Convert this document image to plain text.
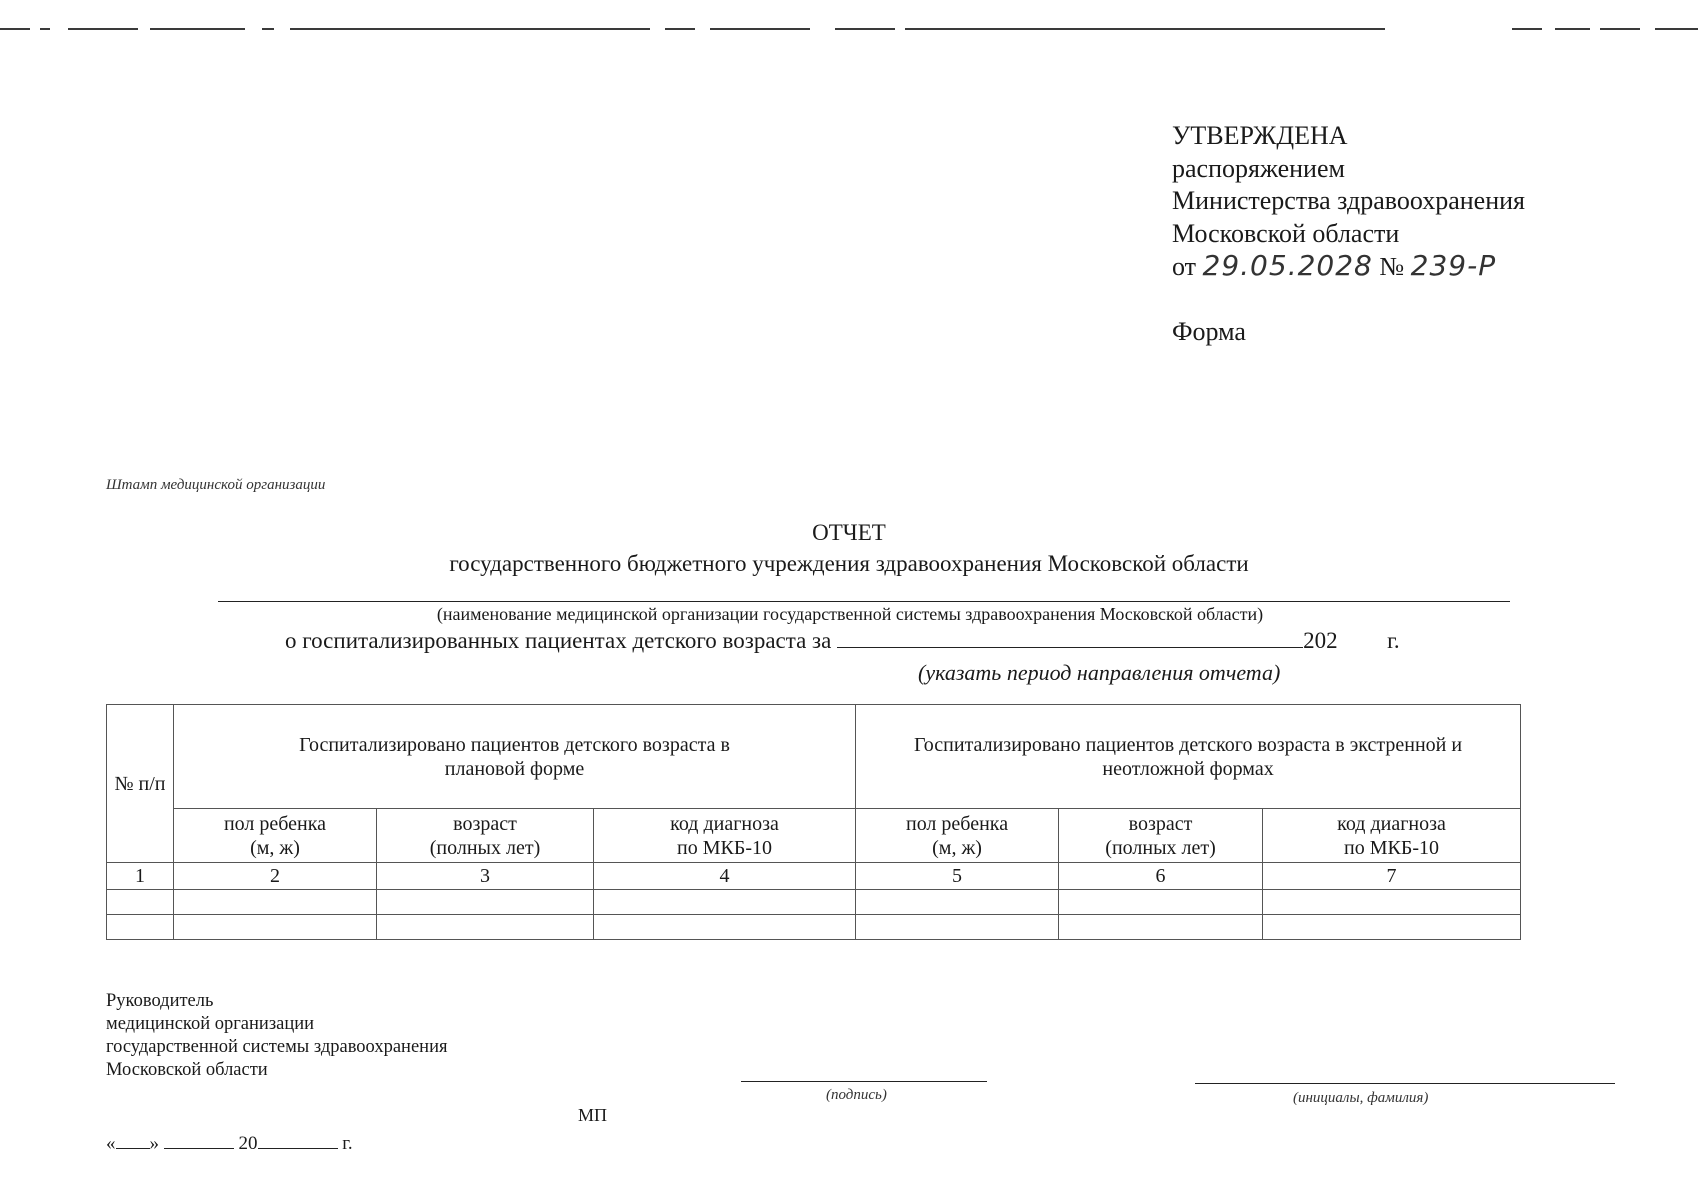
УТВЕРЖДЕНА
распоряжением
Министерства здравоохранения
Московской области
от 29.05.2028 № 239-Р
Форма
Штамп медицинской организации
ОТЧЕТ
государственного бюджетного учреждения здравоохранения Московской области
(наименование медицинской организации государственной системы здравоохранения Московской области)
о госпитализированных пациентах детского возраста за	202 г.
(указать период направления отчета)
№ п/п	Госпитализировано пациентов детского возраста в плановой форме			Госпитализировано пациентов детского возраста в экстренной и неотложной формах		
	пол ребенка (м, ж)	возраст (полных лет)	код диагноза по МКБ-10	пол ребенка (м, ж)	возраст (полных лет)	код диагноза по МКБ-10
1	2	3	4	5	6	7

Руководитель
медицинской организации
государственной системы здравоохранения
Московской области
(подпись)	(инициалы, фамилия)
МП
« »	20	г.
